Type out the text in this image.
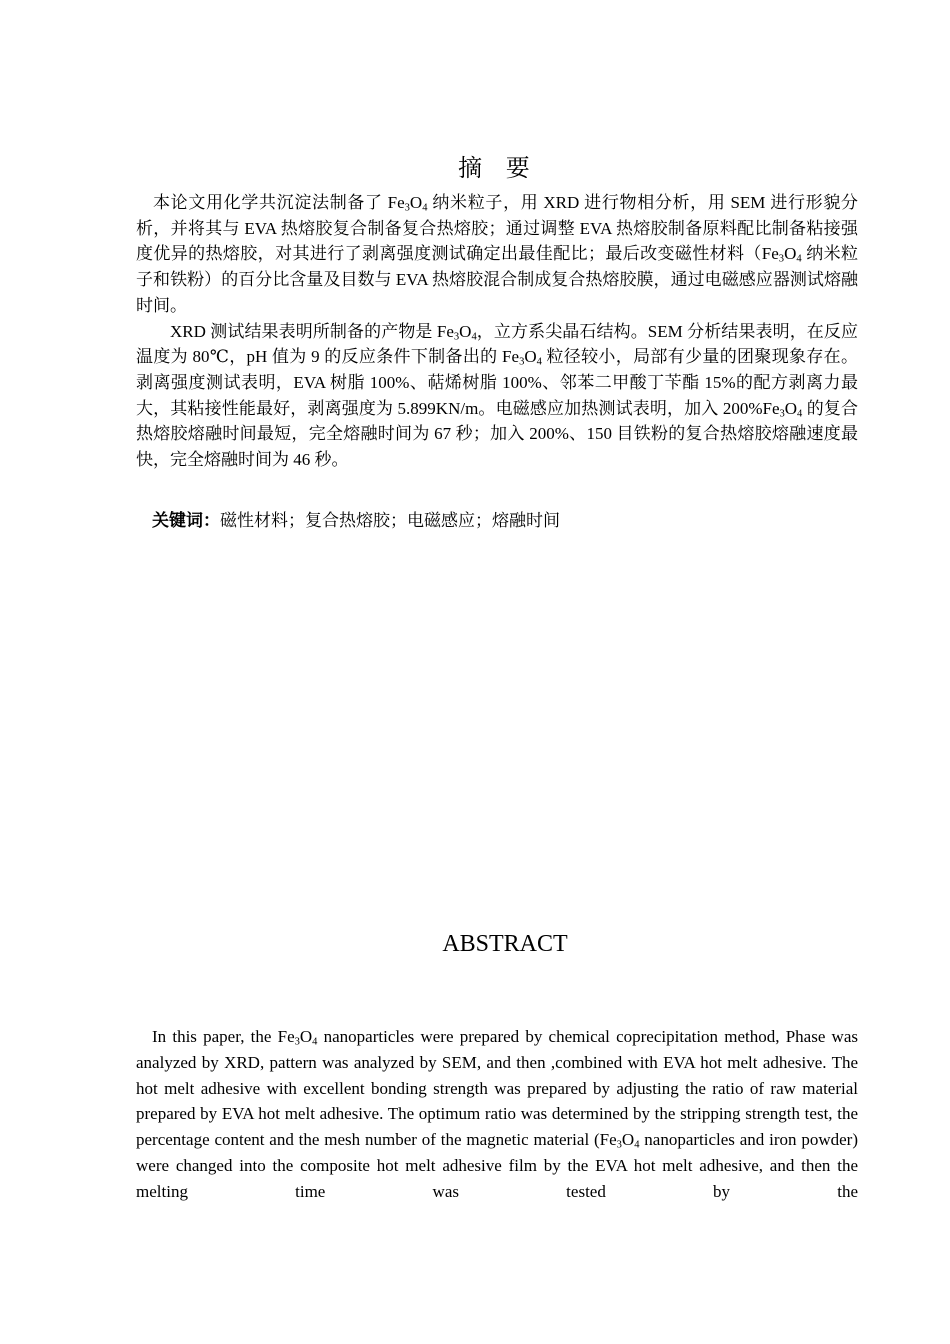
摘 要

本论文用化学共沉淀法制备了 $Fe_3O_4$ 纳米粒子，用 XRD 进行物相分析，用 SEM 进行形貌分析，并将其与 EVA 热熔胶复合制备复合热熔胶；通过调整 EVA 热熔胶制备原料配比制备粘接强度优异的热熔胶，对其进行了剥离强度测试确定出最佳配比；最后改变磁性材料（$Fe_3O_4$ 纳米粒子和铁粉）的百分比含量及目数与 EVA 热熔胶混合制成复合热熔胶膜，通过电磁感应器测试熔融时间。

XRD 测试结果表明所制备的产物是 $Fe_3O_4$，立方系尖晶石结构。SEM 分析结果表明，在反应温度为 80℃，pH 值为 9 的反应条件下制备出的 $Fe_3O_4$ 粒径较小，局部有少量的团聚现象存在。剥离强度测试表明，EVA 树脂 100%、萜烯树脂 100%、邻苯二甲酸丁苄酯 15%的配方剥离力最大，其粘接性能最好，剥离强度为 5.899KN/m。电磁感应加热测试表明，加入 $200\%Fe_3O_4$ 的复合热熔胶熔融时间最短，完全熔融时间为 67 秒；加入 200%、150 目铁粉的复合热熔胶熔融速度最快，完全熔融时间为 46 秒。

关键词：磁性材料；复合热熔胶；电磁感应；熔融时间
ABSTRACT

In this paper, the $Fe_3O_4$ nanoparticles were prepared by chemical coprecipitation method, Phase was analyzed by XRD, pattern was analyzed by SEM, and then ,combined with EVA hot melt adhesive. The hot melt adhesive with excellent bonding strength was prepared by adjusting the ratio of raw material prepared by EVA hot melt adhesive. The optimum ratio was determined by the stripping strength test, the percentage content and the mesh number of the magnetic material ($Fe_3O_4$ nanoparticles and iron powder) were changed into the composite hot melt adhesive film by the EVA hot melt adhesive, and then the melting time was tested by the
